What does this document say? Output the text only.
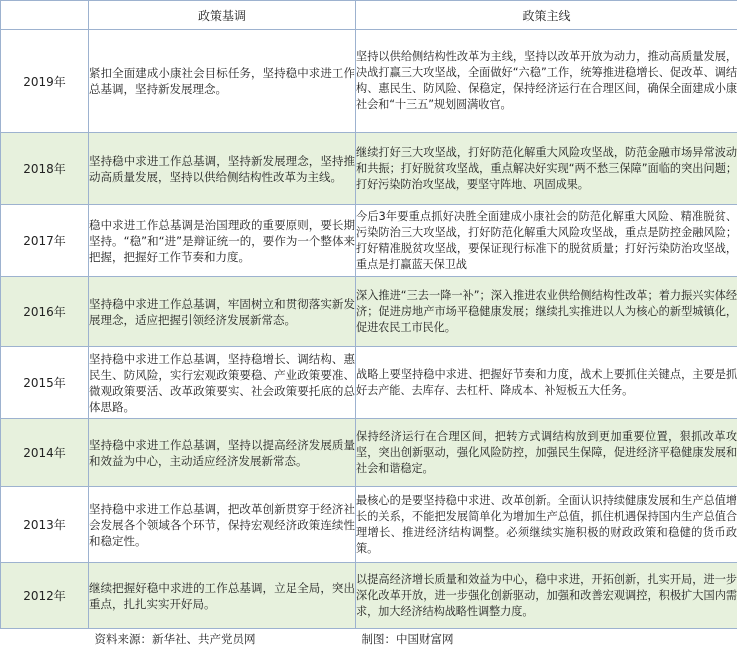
	政策基调	政策主线
2019年	紧扣全面建成小康社会目标任务，坚持稳中求进工作总基调，坚持新发展理念。	坚持以供给侧结构性改革为主线，坚持以改革开放为动力，推动高质量发展，决战打赢三大攻坚战，全面做好“六稳”工作，统筹推进稳增长、促改革、调结构、惠民生、防风险、保稳定，保持经济运行在合理区间，确保全面建成小康社会和“十三五”规划圆满收官。
2018年	坚持稳中求进工作总基调，坚持新发展理念，坚持推动高质量发展，坚持以供给侧结构性改革为主线。	继续打好三大攻坚战，打好防范化解重大风险攻坚战，防范金融市场异常波动和共振；打好脱贫攻坚战，重点解决好实现“两不愁三保障”面临的突出问题；打好污染防治攻坚战，要坚守阵地、巩固成果。
2017年	稳中求进工作总基调是治国理政的重要原则，要长期坚持。“稳”和“进”是辩证统一的，要作为一个整体来把握，把握好工作节奏和力度。	今后3年要重点抓好决胜全面建成小康社会的防范化解重大风险、精准脱贫、污染防治三大攻坚战，打好防范化解重大风险攻坚战，重点是防控金融风险；打好精准脱贫攻坚战，要保证现行标准下的脱贫质量；打好污染防治攻坚战，重点是打赢蓝天保卫战
2016年	坚持稳中求进工作总基调，牢固树立和贯彻落实新发展理念，适应把握引领经济发展新常态。	深入推进“三去一降一补”；深入推进农业供给侧结构性改革；着力振兴实体经济；促进房地产市场平稳健康发展；继续扎实推进以人为核心的新型城镇化，促进农民工市民化。
2015年	坚持稳中求进工作总基调，坚持稳增长、调结构、惠民生、防风险，实行宏观政策要稳、产业政策要准、微观政策要活、改革政策要实、社会政策要托底的总体思路。	战略上要坚持稳中求进、把握好节奏和力度，战术上要抓住关键点，主要是抓好去产能、去库存、去杠杆、降成本、补短板五大任务。
2014年	坚持稳中求进工作总基调，坚持以提高经济发展质量和效益为中心，主动适应经济发展新常态。	保持经济运行在合理区间，把转方式调结构放到更加重要位置，狠抓改革攻坚，突出创新驱动，强化风险防控，加强民生保障，促进经济平稳健康发展和社会和谐稳定。
2013年	坚持稳中求进工作总基调，把改革创新贯穿于经济社会发展各个领域各个环节，保持宏观经济政策连续性和稳定性。	最核心的是要坚持稳中求进、改革创新。全面认识持续健康发展和生产总值增长的关系，不能把发展简单化为增加生产总值，抓住机遇保持国内生产总值合理增长、推进经济结构调整。必须继续实施积极的财政政策和稳健的货币政策。
2012年	继续把握好稳中求进的工作总基调，立足全局，突出重点，扎扎实实开好局。	以提高经济增长质量和效益为中心，稳中求进，开拓创新，扎实开局，进一步深化改革开放，进一步强化创新驱动，加强和改善宏观调控，积极扩大国内需求，加大经济结构战略性调整力度。
	资料来源：新华社、共产党员网	制图：中国财富网
